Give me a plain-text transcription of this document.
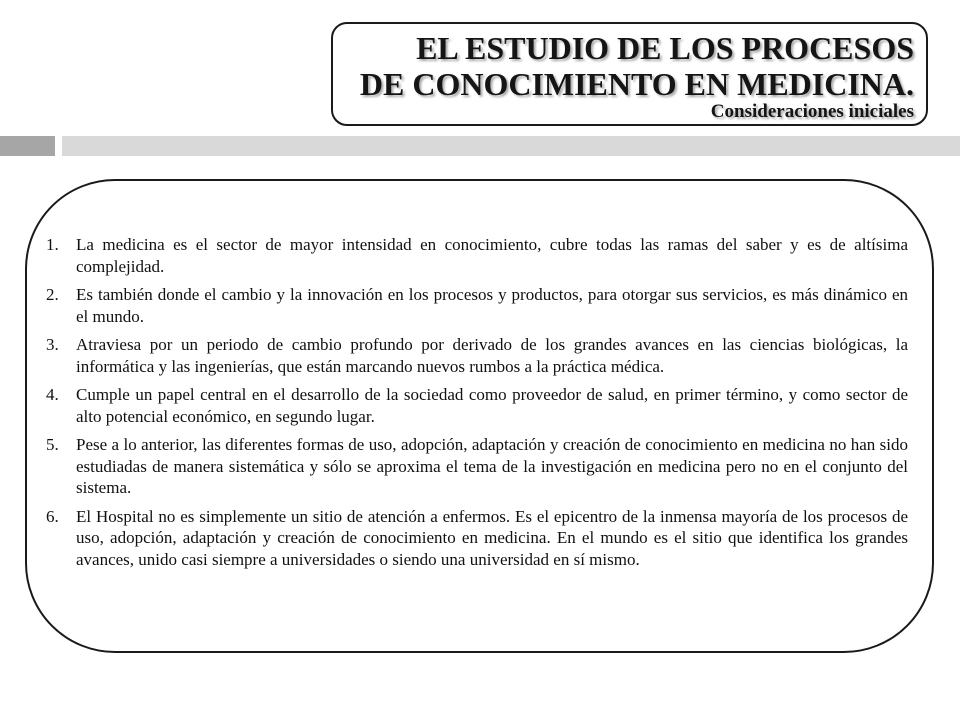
EL ESTUDIO DE LOS PROCESOS
DE CONOCIMIENTO EN MEDICINA.
Consideraciones iniciales
1.	La medicina es el sector de mayor intensidad en conocimiento, cubre todas las ramas del saber y es de altísima complejidad.
2.	Es también donde el cambio y la innovación en los procesos y productos, para otorgar sus servicios, es más dinámico en el mundo.
3.	Atraviesa por un periodo de cambio profundo por derivado de los grandes avances en las ciencias biológicas, la informática y las ingenierías, que están marcando nuevos rumbos a la práctica médica.
4.	Cumple un papel central en el desarrollo de la sociedad como proveedor de salud, en primer término, y como sector de alto potencial económico, en segundo lugar.
5.	Pese a lo anterior, las diferentes formas de uso, adopción, adaptación y creación de conocimiento en medicina no han sido estudiadas de manera sistemática y sólo se aproxima el tema de la investigación en medicina pero no en el conjunto del sistema.
6.	El Hospital no es simplemente un sitio de atención a enfermos. Es el epicentro de la inmensa mayoría de los procesos de uso, adopción, adaptación y creación de conocimiento en medicina. En el mundo es el sitio que identifica los grandes avances, unido casi siempre a universidades o siendo una universidad en sí mismo.
